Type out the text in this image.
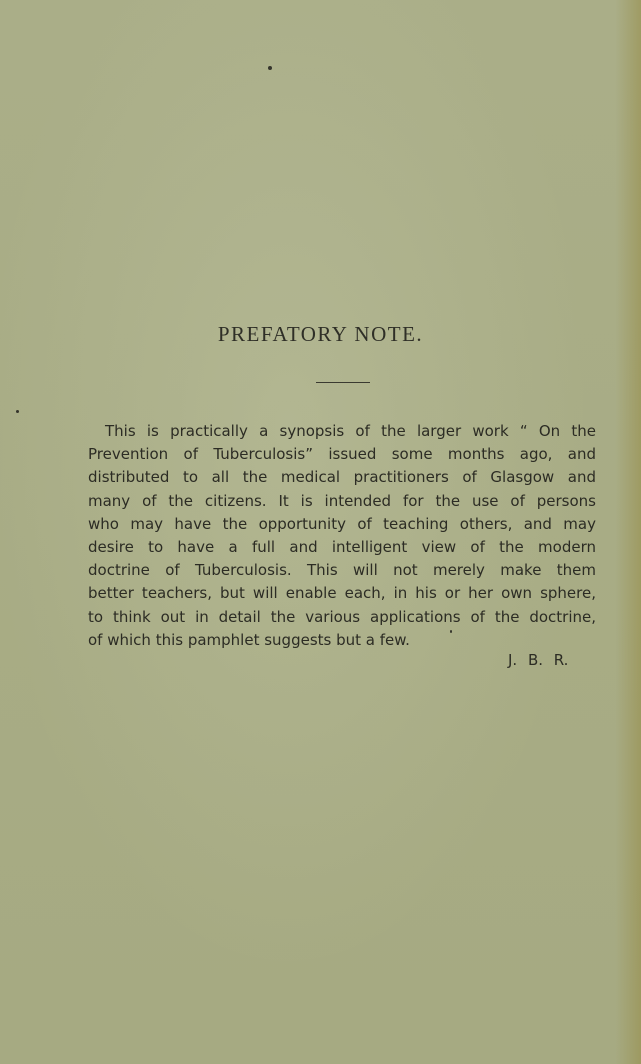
PREFATORY NOTE.

This is practically a synopsis of the larger work “ On the
Prevention of Tuberculosis” issued some months ago, and
distributed to all the medical practitioners of Glasgow and
many of the citizens. It is intended for the use of persons
who may have the opportunity of teaching others, and may
desire to have a full and intelligent view of the modern
doctrine of Tuberculosis. This will not merely make them
better teachers, but will enable each, in his or her own sphere,
to think out in detail the various applications of the doctrine,
of which this pamphlet suggests but a few.

J. B. R.
